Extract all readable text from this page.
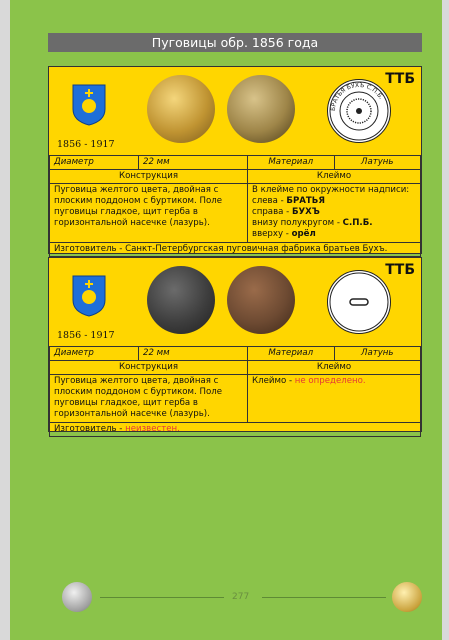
Пуговицы обр. 1856 года
1856 - 1917
БРАТЬЯ БУХЪ С.П.Б.
ТТБ
Диаметр	22 мм	Материал	Латунь
Конструкция		Клеймо	
Пуговица желтого цвета, двойная с плоским поддоном с буртиком. Поле пуговицы гладкое, щит герба в горизонтальной насечке (лазурь).		В клейме по окружности надписи:
слева - БРАТЬЯ
справа - БУХЪ
внизу полукругом - С.П.Б.
вверху - орёл	

Изготовитель - Санкт-Петербургская пуговичная фабрика братьев Бухъ.			
1856 - 1917
ТТБ
Диаметр	22 мм	Материал	Латунь
Конструкция		Клеймо	
Пуговица желтого цвета, двойная с плоским поддоном с буртиком. Поле пуговицы гладкое, щит герба в горизонтальной насечке (лазурь).		Клеймо - не определено.	
Изготовитель - неизвестен.			
277
